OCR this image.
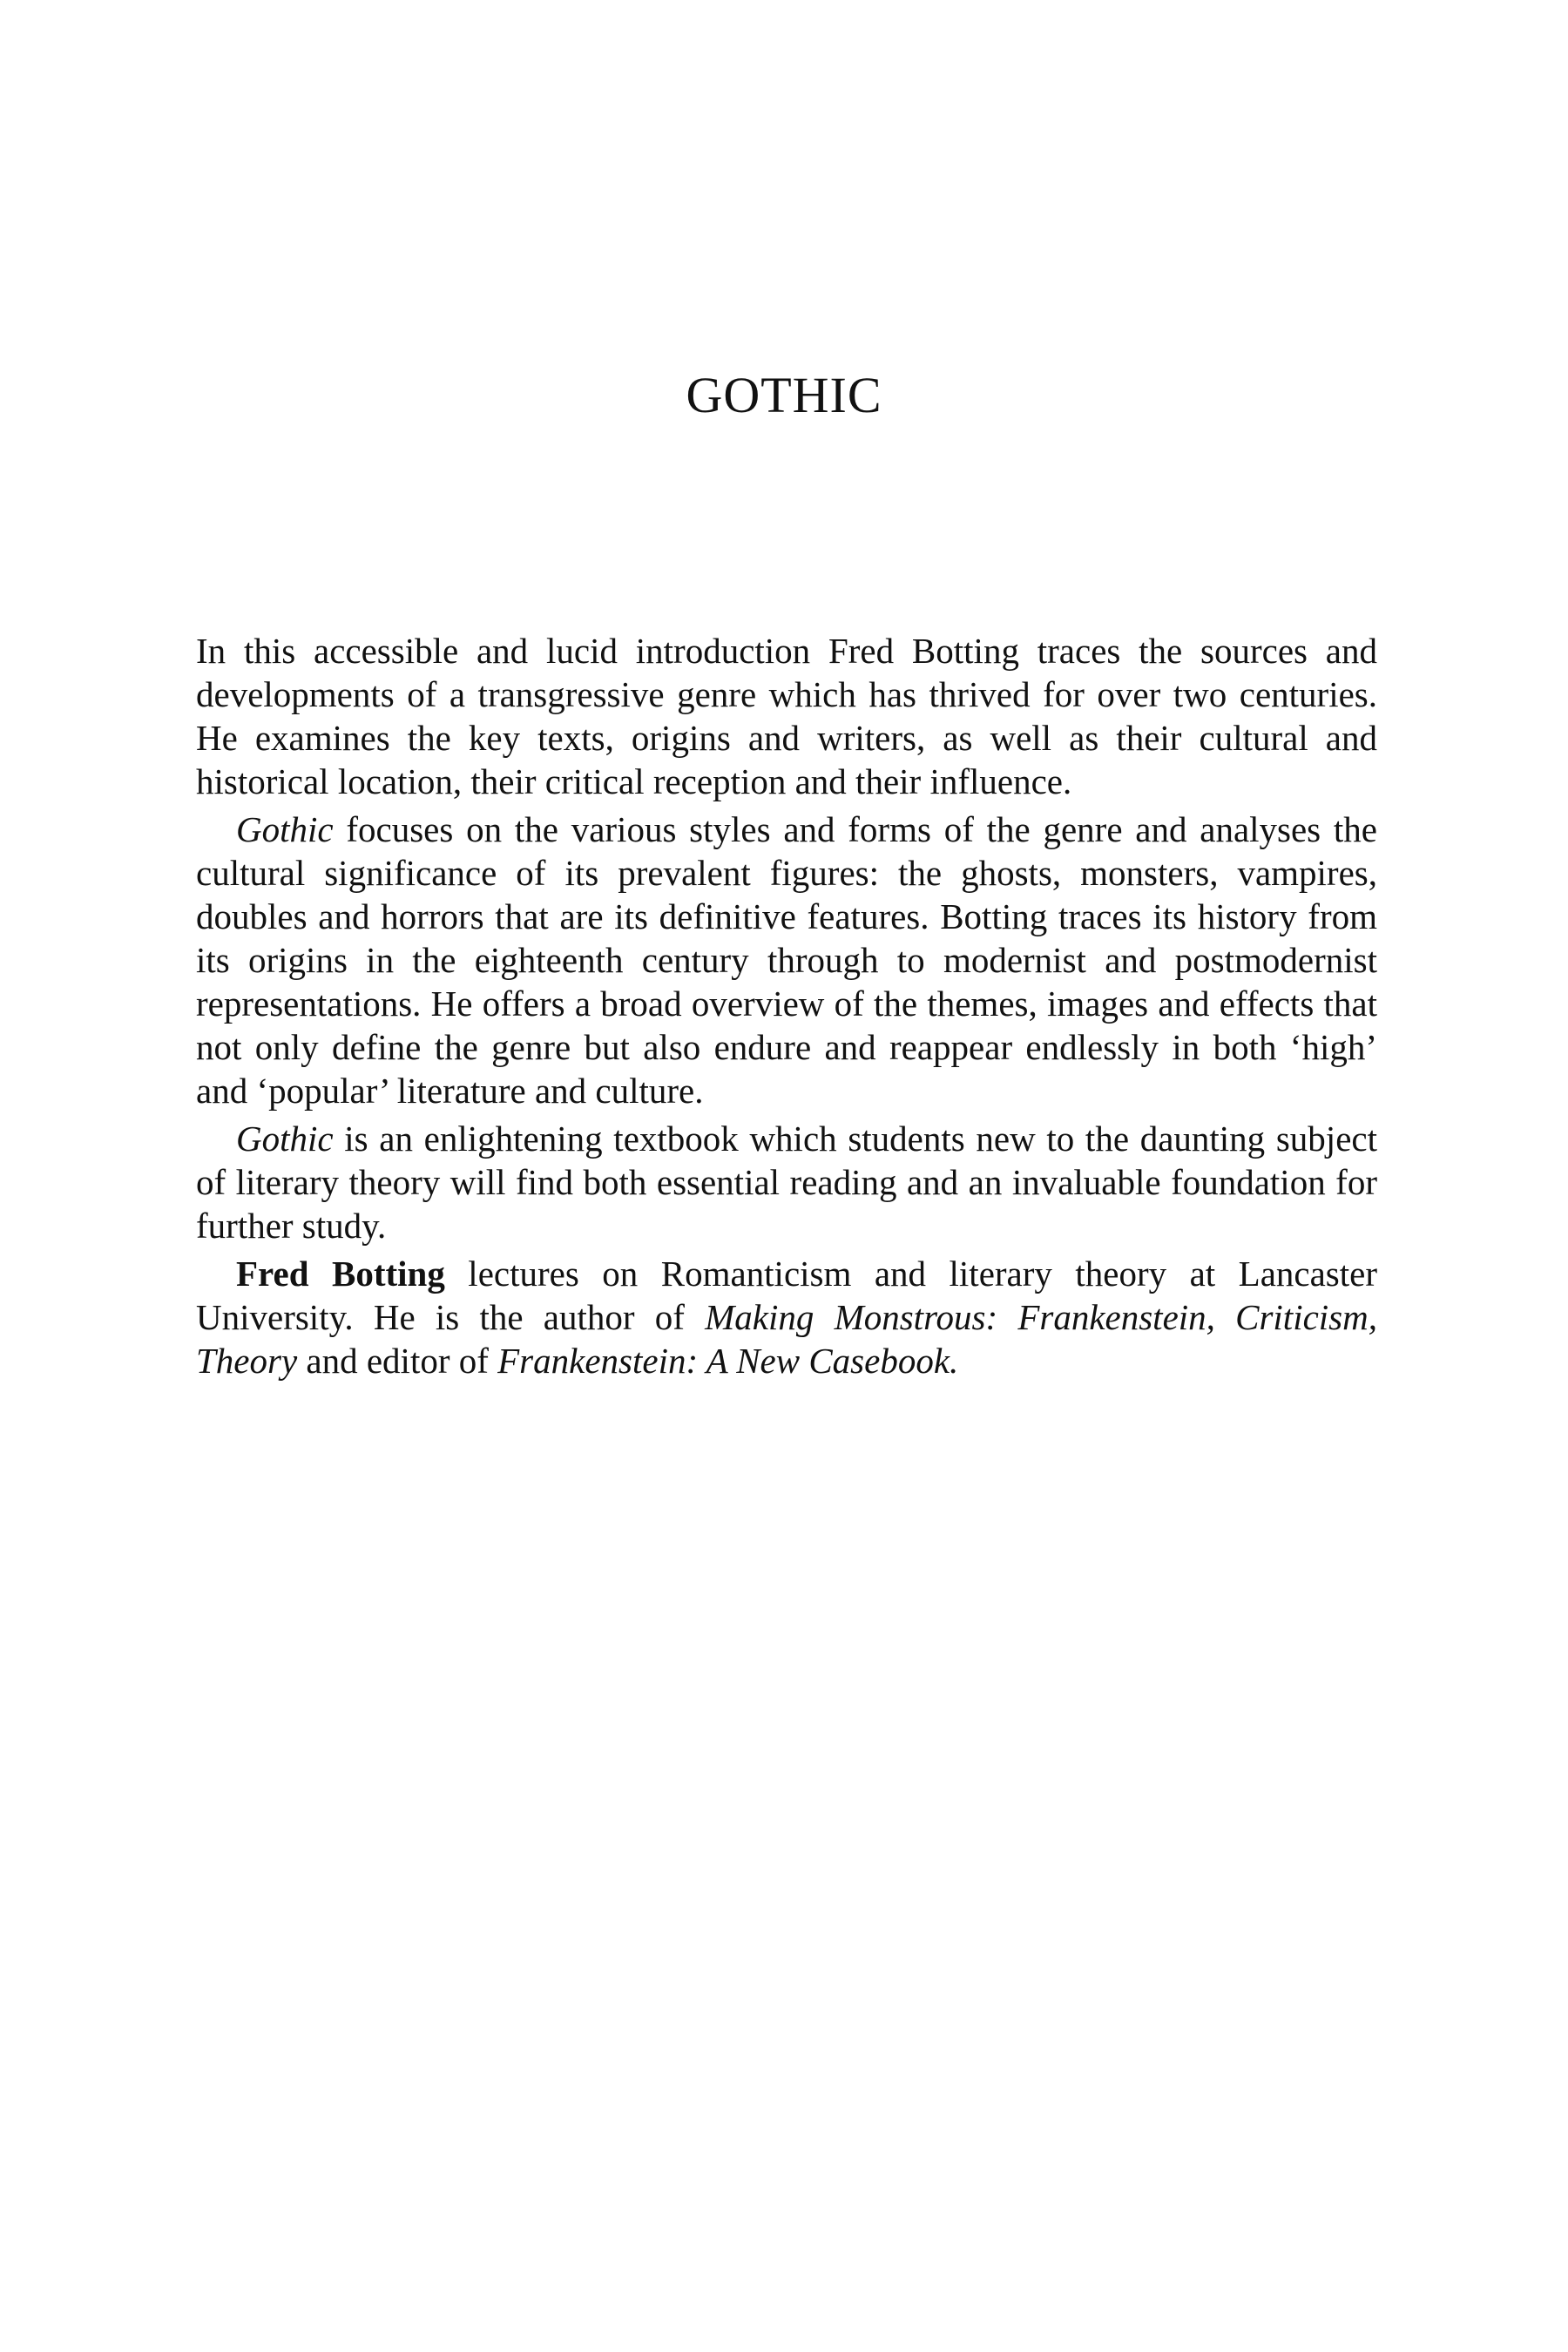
GOTHIC

In this accessible and lucid introduction Fred Botting traces the sources and developments of a transgressive genre which has thrived for over two centuries. He examines the key texts, origins and writers, as well as their cultural and historical location, their critical reception and their influence.

Gothic focuses on the various styles and forms of the genre and analyses the cultural significance of its prevalent figures: the ghosts, monsters, vampires, doubles and horrors that are its definitive features. Botting traces its history from its origins in the eighteenth century through to modernist and postmodernist representations. He offers a broad overview of the themes, images and effects that not only define the genre but also endure and reappear endlessly in both ‘high’ and ‘popular’ literature and culture.

Gothic is an enlightening textbook which students new to the daunting subject of literary theory will find both essential reading and an invaluable foundation for further study.

Fred Botting lectures on Romanticism and literary theory at Lancaster University. He is the author of Making Monstrous: Frankenstein, Criticism, Theory and editor of Frankenstein: A New Casebook.
